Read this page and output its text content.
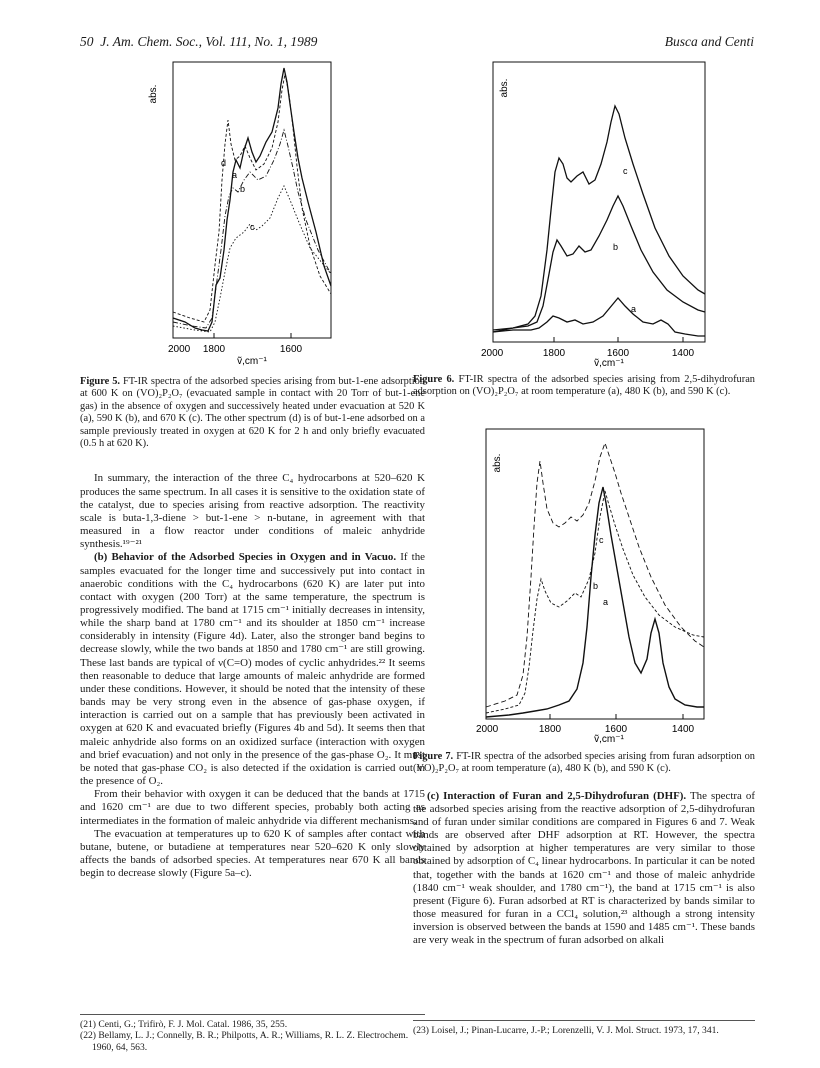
50 J. Am. Chem. Soc., Vol. 111, No. 1, 1989	Busca and Centi
abs.
d
a
b
c
2000 1800	1600
ṽ,cm⁻¹

Figure 5. FT-IR spectra of the adsorbed species arising from but-1-ene adsorption at 600 K on (VO)₂P₂O₇ (evacuated sample in contact with 20 Torr of but-1-ene gas) in the absence of oxygen and successively heated under evacuation at 520 K (a), 590 K (b), and 670 K (c). The other spectrum (d) is of but-1-ene adsorbed on a sample previously treated in oxygen at 620 K for 2 h and only briefly evacuated (0.5 h at 620 K).

In summary, the interaction of the three C₄ hydrocarbons at 520–620 K produces the same spectrum. In all cases it is sensitive to the oxidation state of the catalyst, due to species arising from reactive adsorption. The reactivity scale is buta-1,3-diene > but-1-ene > n-butane, in agreement with that measured in a flow reactor under conditions of maleic anhydride synthesis.¹⁹⁻²¹

(b) Behavior of the Adsorbed Species in Oxygen and in Vacuo. If the samples evacuated for the longer time and successively put into contact in anaerobic conditions with the C₄ hydrocarbons (620 K) are later put into contact with oxygen (200 Torr) at the same temperature, the spectrum is progressively modified. The band at 1715 cm⁻¹ initially decreases in intensity, while the sharp band at 1780 cm⁻¹ and its shoulder at 1850 cm⁻¹ increase considerably in intensity (Figure 4d). Later, also the stronger band begins to decrease slowly, while the two bands at 1850 and 1780 cm⁻¹ are still growing. These last bands are typical of ν(C=O) modes of cyclic anhydrides.²² It seems then reasonable to deduce that large amounts of maleic anhydride are formed under these conditions. However, it should be noted that the intensity of these bands may be very strong even in the absence of gas-phase oxygen, if interaction is carried out on a sample that has previously been activated in oxygen at 620 K and evacuated briefly (Figures 4b and 5d). It seems then that maleic anhydride also forms on an oxidized surface (interaction with oxygen and brief evacuation) and not only in the presence of the gas-phase O₂. It must be noted that gas-phase CO₂ is also detected if the oxidation is carried out in the presence of O₂.

From their behavior with oxygen it can be deduced that the bands at 1715 and 1620 cm⁻¹ are due to two different species, probably both acting as intermediates in the formation of maleic anhydride via different mechanisms.

The evacuation at temperatures up to 620 K of samples after contact with butane, butene, or butadiene at temperatures near 520–620 K only slowly affects the bands of adsorbed species. At temperatures near 670 K all bands begin to decrease slowly (Figure 5a–c).

(21) Centi, G.; Trifirò, F. J. Mol. Catal. 1986, 35, 255.

(22) Bellamy, L. J.; Connelly, B. R.; Philpotts, A. R.; Williams, R. L. Z. Electrochem. 1960, 64, 563.

abs.
c
b
a
2000	1800	1600	1400
ṽ,cm⁻¹

Figure 6. FT-IR spectra of the adsorbed species arising from 2,5-dihydrofuran adsorption on (VO)₂P₂O₇ at room temperature (a), 480 K (b), and 590 K (c).

abs.
c
b
a
2000	1800	1600	1400
ṽ,cm⁻¹

Figure 7. FT-IR spectra of the adsorbed species arising from furan adsorption on (VO)₂P₂O₇ at room temperature (a), 480 K (b), and 590 K (c).

(c) Interaction of Furan and 2,5-Dihydrofuran (DHF). The spectra of the adsorbed species arising from the reactive adsorption of 2,5-dihydrofuran and of furan under similar conditions are compared in Figures 6 and 7. Weak bands are observed after DHF adsorption at RT. However, the spectra obtained by adsorption at higher temperatures are very similar to those obtained by adsorption of C₄ linear hydrocarbons. In particular it can be noted that, together with the bands at 1620 cm⁻¹ and those of maleic anhydride (1840 cm⁻¹ weak shoulder, and 1780 cm⁻¹), the band at 1715 cm⁻¹ is also present (Figure 6). Furan adsorbed at RT is characterized by bands similar to those measured for furan in a CCl₄ solution,²³ although a strong intensity inversion is observed between the bands at 1590 and 1485 cm⁻¹. These bands are very weak in the spectrum of furan adsorbed on alkali

(23) Loisel, J.; Pinan-Lucarre, J.-P.; Lorenzelli, V. J. Mol. Struct. 1973, 17, 341.
